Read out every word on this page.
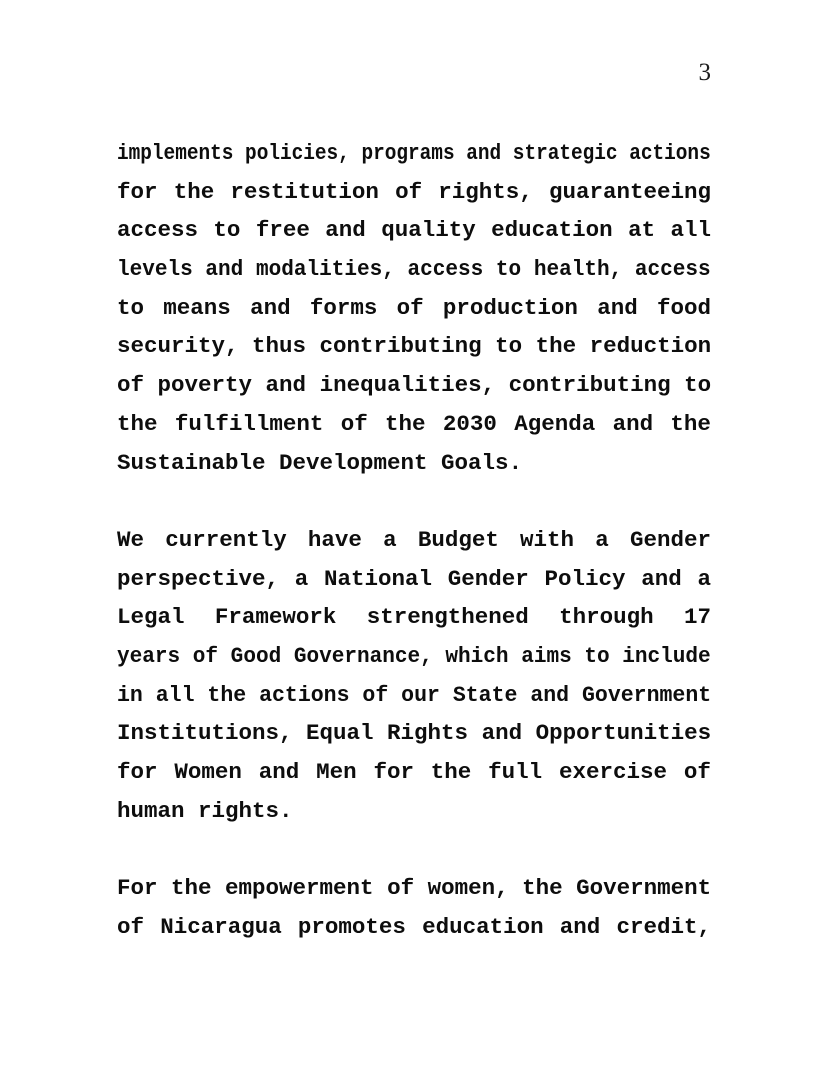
3
implements policies, programs and strategic actions
for the restitution of rights, guaranteeing
access to free and quality education at all
levels and modalities, access to health, access
to means and forms of production and food
security, thus contributing to the reduction
of poverty and inequalities, contributing to
the fulfillment of the 2030 Agenda and the
Sustainable Development Goals.
We currently have a Budget with a Gender
perspective, a National Gender Policy and a
Legal Framework strengthened through 17
years of Good Governance, which aims to include
in all the actions of our State and Government
Institutions, Equal Rights and Opportunities
for Women and Men for the full exercise of
human rights.
For the empowerment of women, the Government
of Nicaragua promotes education and credit,
